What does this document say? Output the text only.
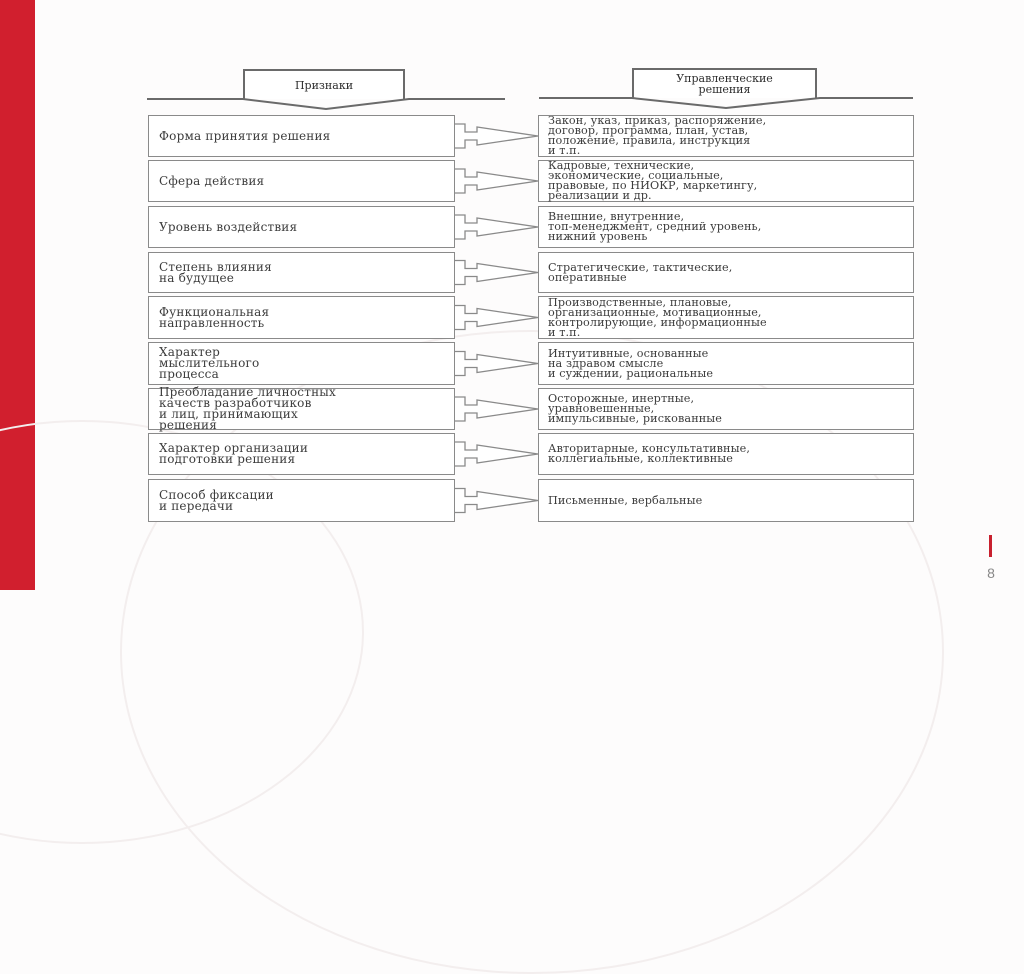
Признаки	Управленческие
решения
Форма принятия решения
Закон, указ, приказ, распоряжение,
договор, программа, план, устав,
положение, правила, инструкция
и т.п.
Сфера действия
Кадровые, технические,
экономические, социальные,
правовые, по НИОКР, маркетингу,
реализации и др.
Уровень воздействия
Внешние, внутренние,
топ-менеджмент, средний уровень,
нижний уровень
Степень влияния
на будущее
Стратегические, тактические,
оперативные
Функциональная
направленность
Производственные, плановые,
организационные, мотивационные,
контролирующие, информационные
и т.п.
Характер
мыслительного
процесса
Интуитивные, основанные
на здравом смысле
и суждении, рациональные
Преобладание личностных
качеств разработчиков
и лиц, принимающих
решения
Осторожные, инертные,
уравновешенные,
импульсивные, рискованные
Характер организации
подготовки решения
Авторитарные, консультативные,
коллегиальные, коллективные
Способ фиксации
и передачи	Письменные, вербальные
8
